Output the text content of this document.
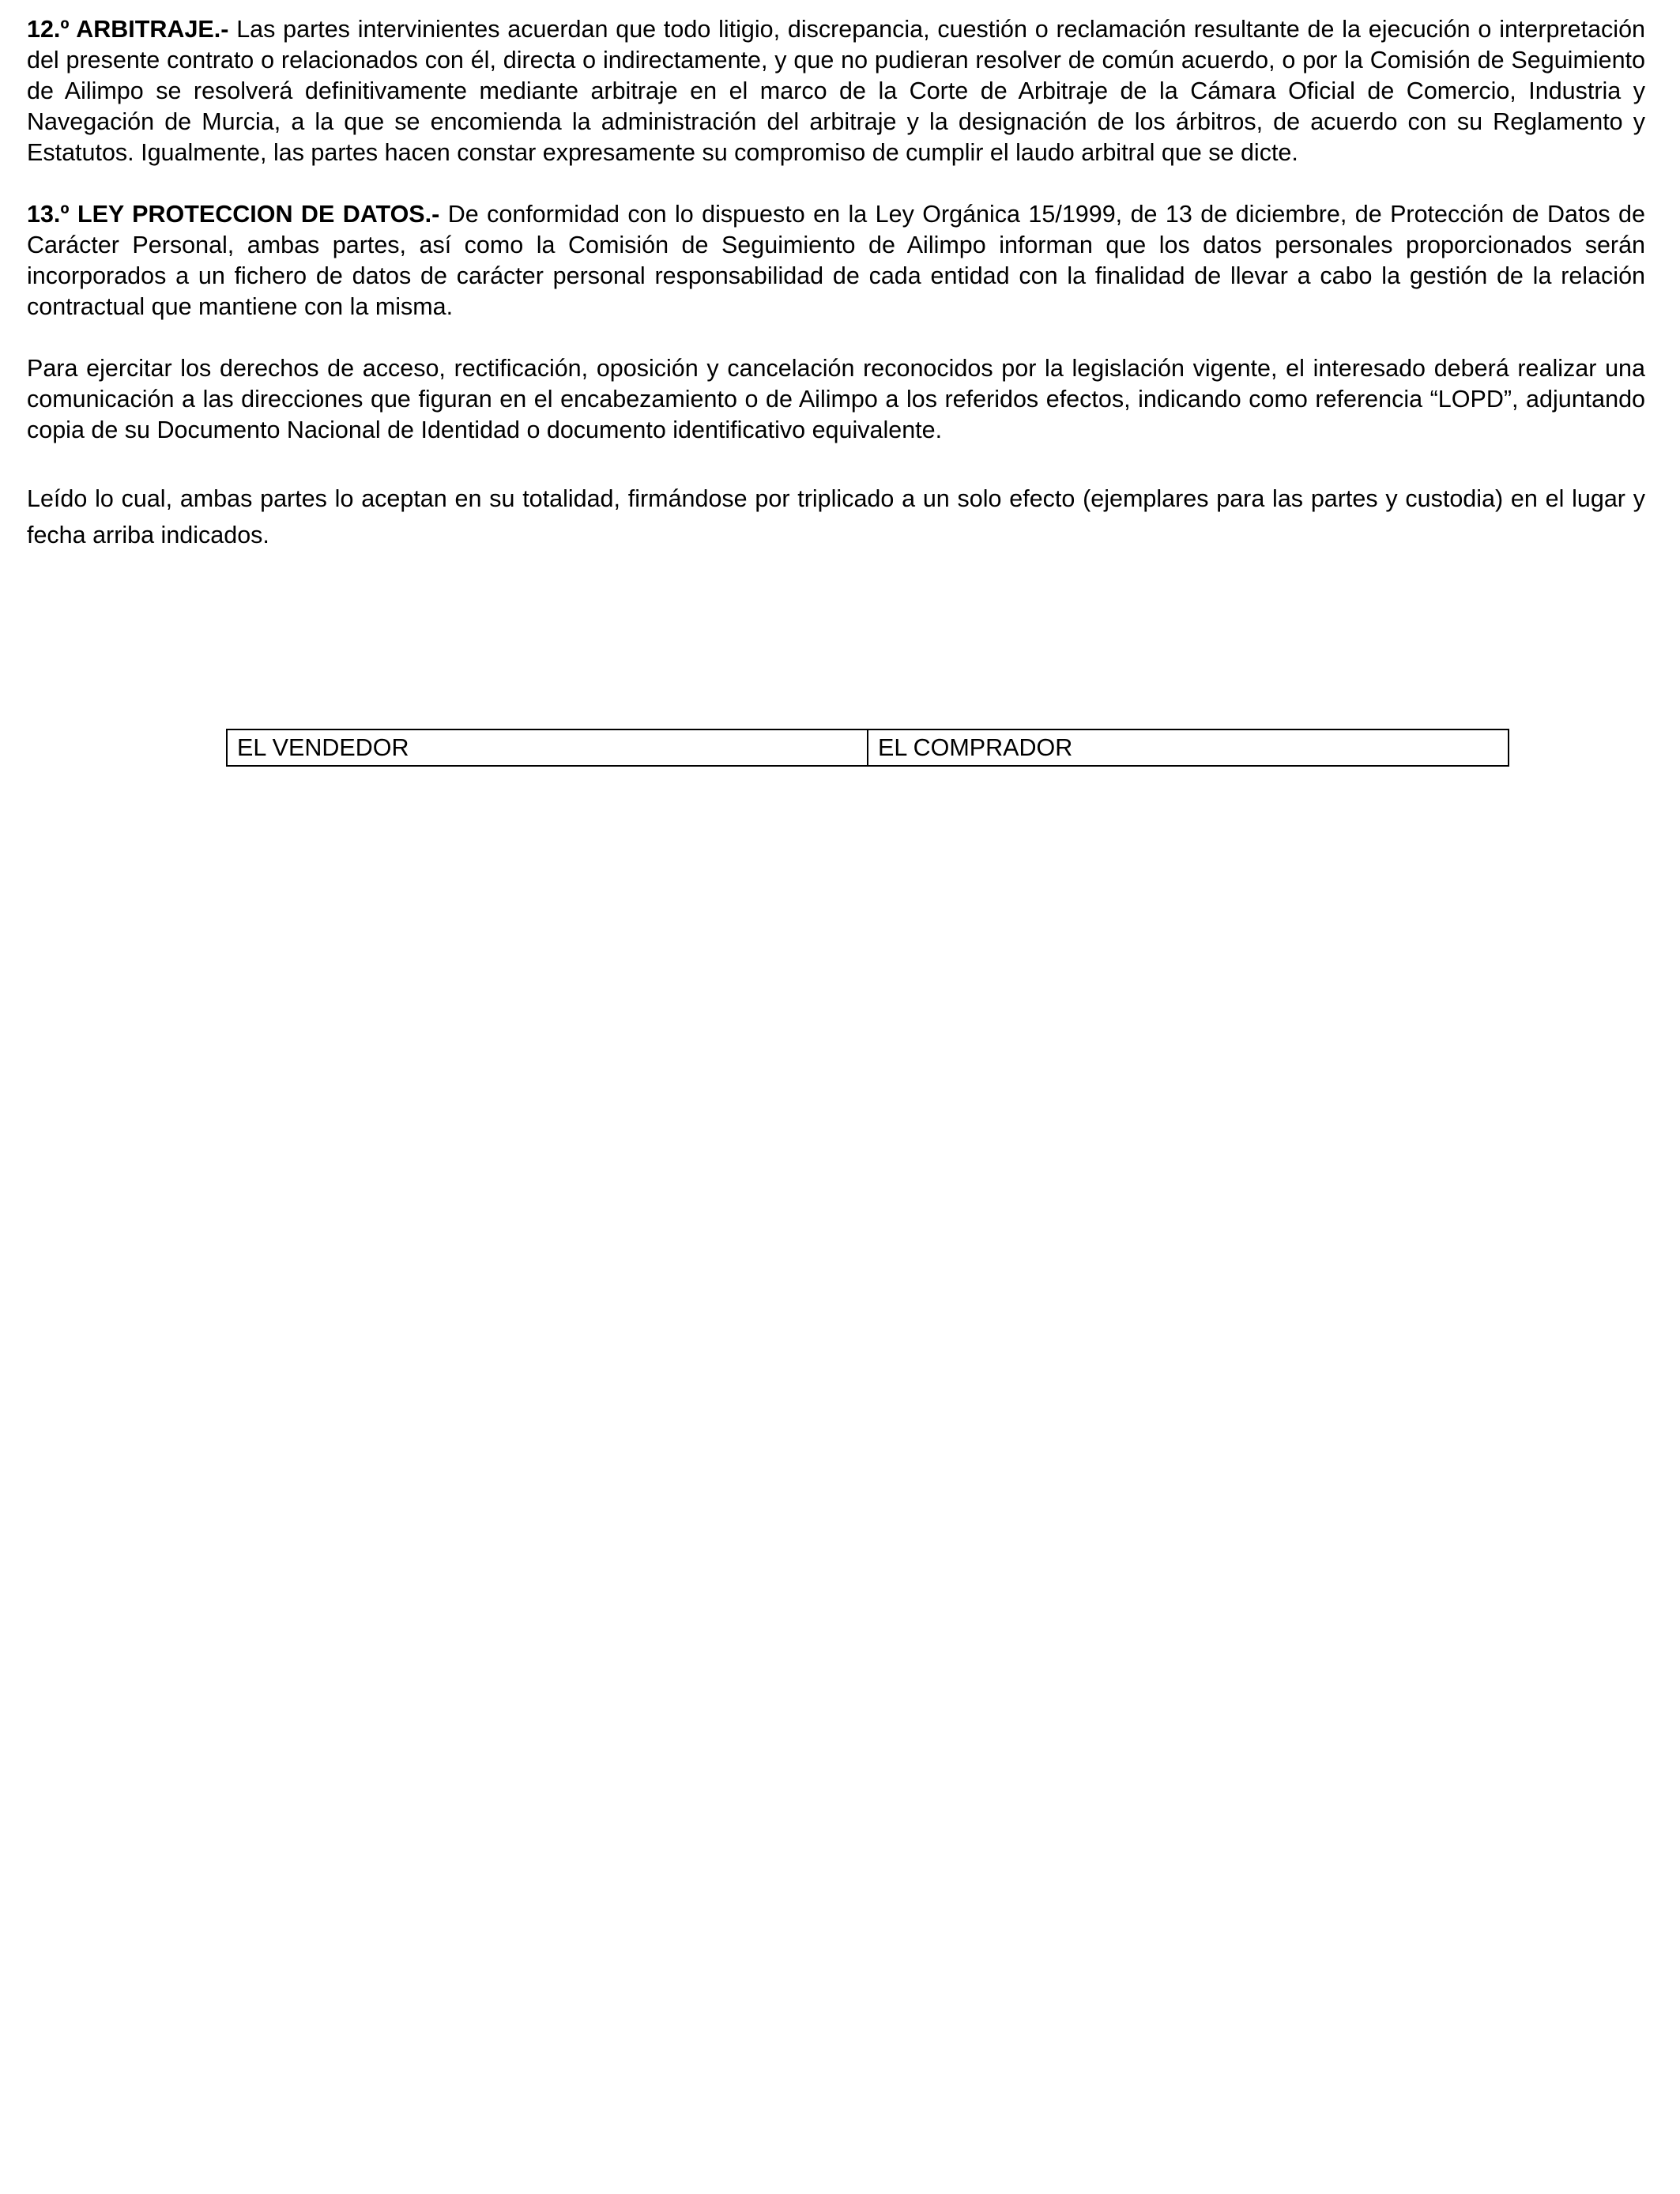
12.º ARBITRAJE.- Las partes intervinientes acuerdan que todo litigio, discrepancia, cuestión o reclamación resultante de la ejecución o interpretación del presente contrato o relacionados con él, directa o indirectamente, y que no pudieran resolver de común acuerdo, o por la Comisión de Seguimiento de Ailimpo se resolverá definitivamente mediante arbitraje en el marco de la Corte de Arbitraje de la Cámara Oficial de Comercio, Industria y Navegación de Murcia, a la que se encomienda la administración del arbitraje y la designación de los árbitros, de acuerdo con su Reglamento y Estatutos. Igualmente, las partes hacen constar expresamente su compromiso de cumplir el laudo arbitral que se dicte.

13.º LEY PROTECCION DE DATOS.- De conformidad con lo dispuesto en la Ley Orgánica 15/1999, de 13 de diciembre, de Protección de Datos de Carácter Personal, ambas partes, así como la Comisión de Seguimiento de Ailimpo informan que los datos personales proporcionados serán incorporados a un fichero de datos de carácter personal responsabilidad de cada entidad con la finalidad de llevar a cabo la gestión de la relación contractual que mantiene con la misma.

Para ejercitar los derechos de acceso, rectificación, oposición y cancelación reconocidos por la legislación vigente, el interesado deberá realizar una comunicación a las direcciones que figuran en el encabezamiento o de Ailimpo a los referidos efectos, indicando como referencia “LOPD”, adjuntando copia de su Documento Nacional de Identidad o documento identificativo equivalente.

Leído lo cual, ambas partes lo aceptan en su totalidad, firmándose por triplicado a un solo efecto (ejemplares para las partes y custodia) en el lugar y fecha arriba indicados.

EL VENDEDOR	EL COMPRADOR
